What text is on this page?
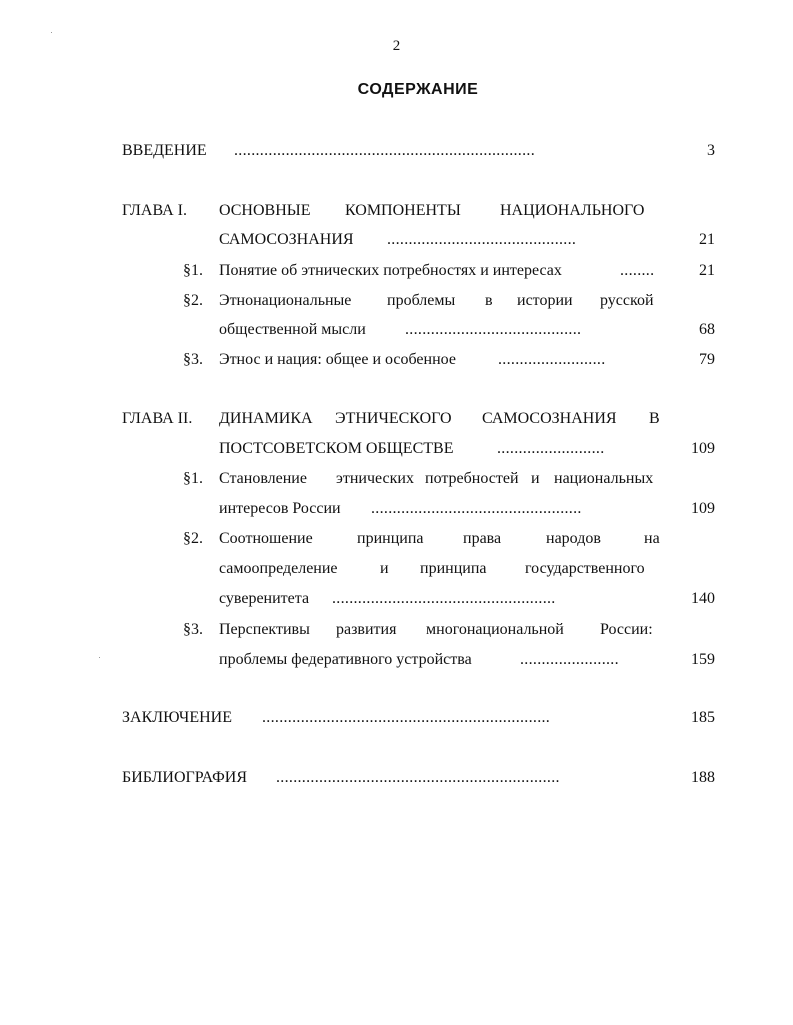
2
СОДЕРЖАНИЕ
ВВЕДЕНИЕ ......................................................................	3
ГЛАВА I. ОСНОВНЫЕ КОМПОНЕНТЫ НАЦИОНАЛЬНОГО
САМОСОЗНАНИЯ ............................................	21
§1. Понятие об этнических потребностях и интересах	........	21
§2. Этнонациональные проблемы в истории русской
общественной мысли .........................................	68
§3. Этнос и нация: общее и особенное	.........................	79
ГЛАВА II. ДИНАМИКА ЭТНИЧЕСКОГО САМОСОЗНАНИЯ В
ПОСТСОВЕТСКОМ ОБЩЕСТВЕ	.........................	109
§1. Становление этнических потребностей и национальных
интересов России .................................................	109
§2. Соотношение	принципа права	народов	на
самоопределение	и принципа государственного
суверенитета ....................................................	140
§3. Перспективы развития многонациональной России:
проблемы федеративного устройства	.......................	159
ЗАКЛЮЧЕНИЕ ...................................................................	185
БИБЛИОГРАФИЯ ..................................................................	188
